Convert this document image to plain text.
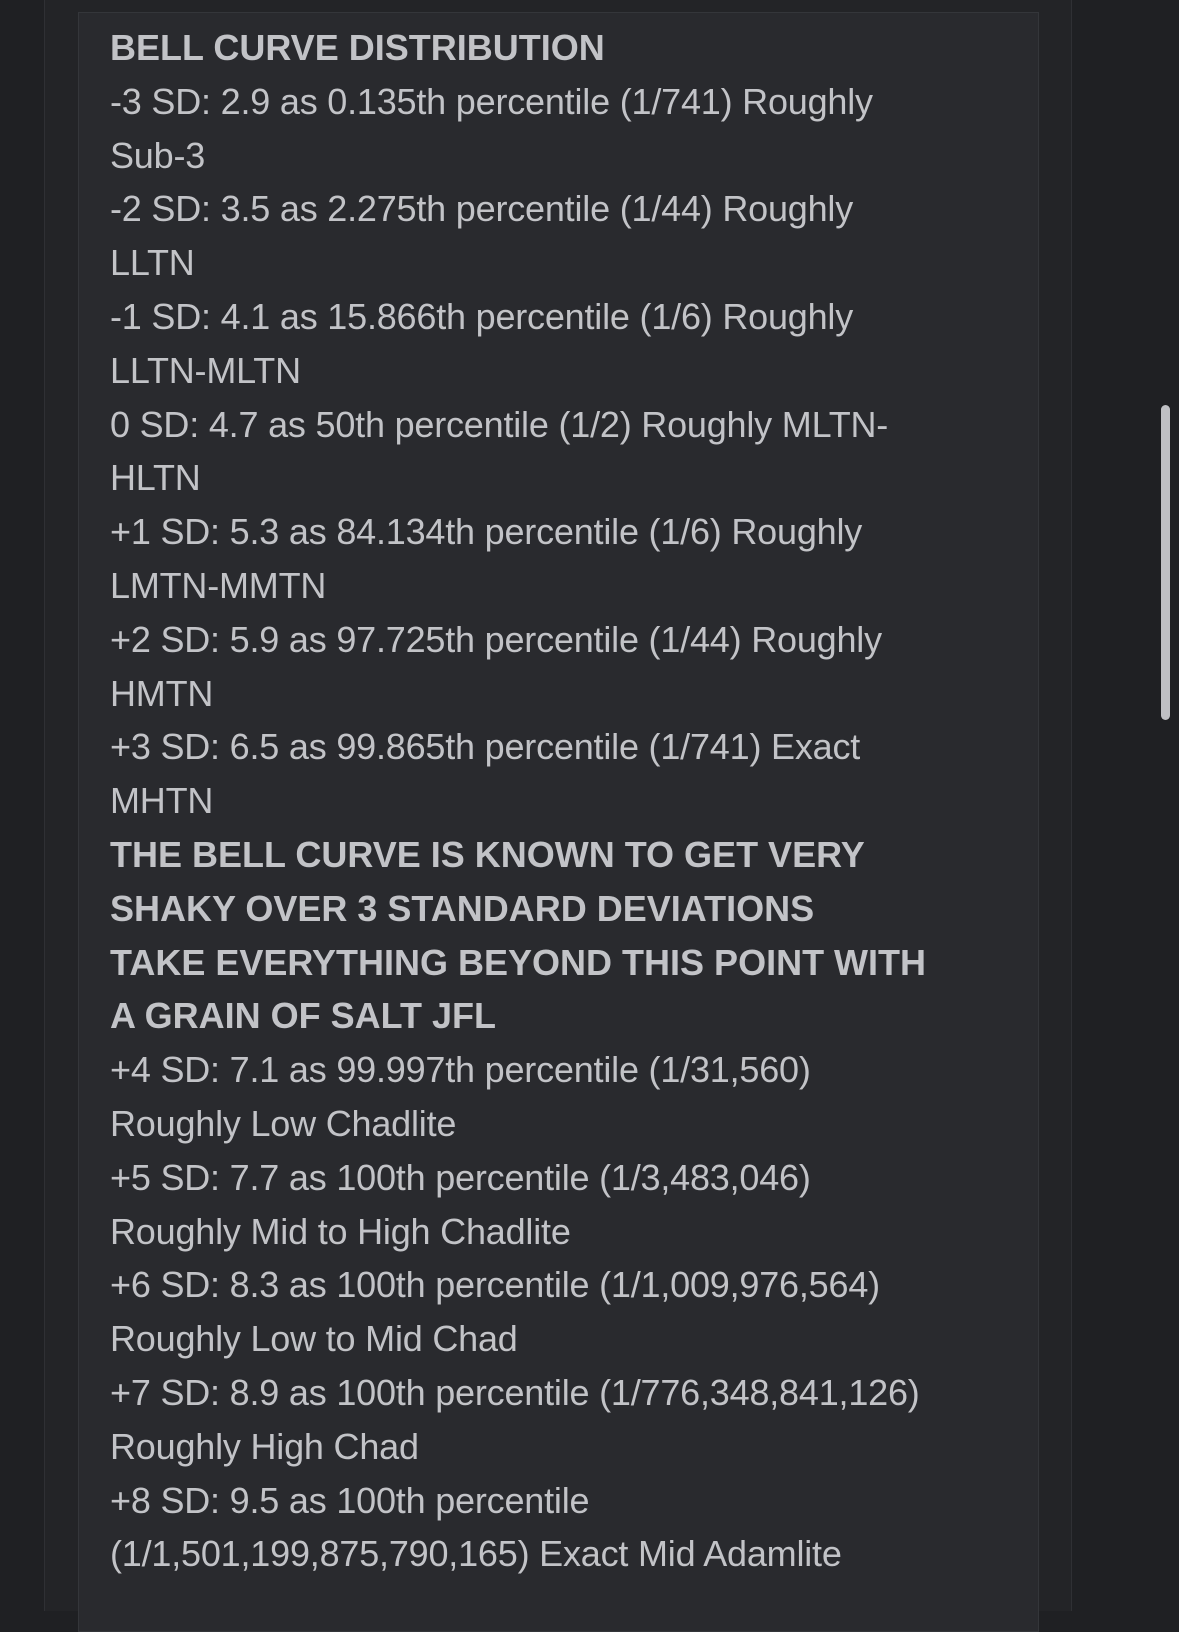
BELL CURVE DISTRIBUTION
-3 SD: 2.9 as 0.135th percentile (1/741) Roughly
Sub-3
-2 SD: 3.5 as 2.275th percentile (1/44) Roughly
LLTN
-1 SD: 4.1 as 15.866th percentile (1/6) Roughly
LLTN-MLTN
0 SD: 4.7 as 50th percentile (1/2) Roughly MLTN-
HLTN
+1 SD: 5.3 as 84.134th percentile (1/6) Roughly
LMTN-MMTN
+2 SD: 5.9 as 97.725th percentile (1/44) Roughly
HMTN
+3 SD: 6.5 as 99.865th percentile (1/741) Exact
MHTN
THE BELL CURVE IS KNOWN TO GET VERY
SHAKY OVER 3 STANDARD DEVIATIONS
TAKE EVERYTHING BEYOND THIS POINT WITH
A GRAIN OF SALT JFL
+4 SD: 7.1 as 99.997th percentile (1/31,560)
Roughly Low Chadlite
+5 SD: 7.7 as 100th percentile (1/3,483,046)
Roughly Mid to High Chadlite
+6 SD: 8.3 as 100th percentile (1/1,009,976,564)
Roughly Low to Mid Chad
+7 SD: 8.9 as 100th percentile (1/776,348,841,126)
Roughly High Chad
+8 SD: 9.5 as 100th percentile
(1/1,501,199,875,790,165) Exact Mid Adamlite
